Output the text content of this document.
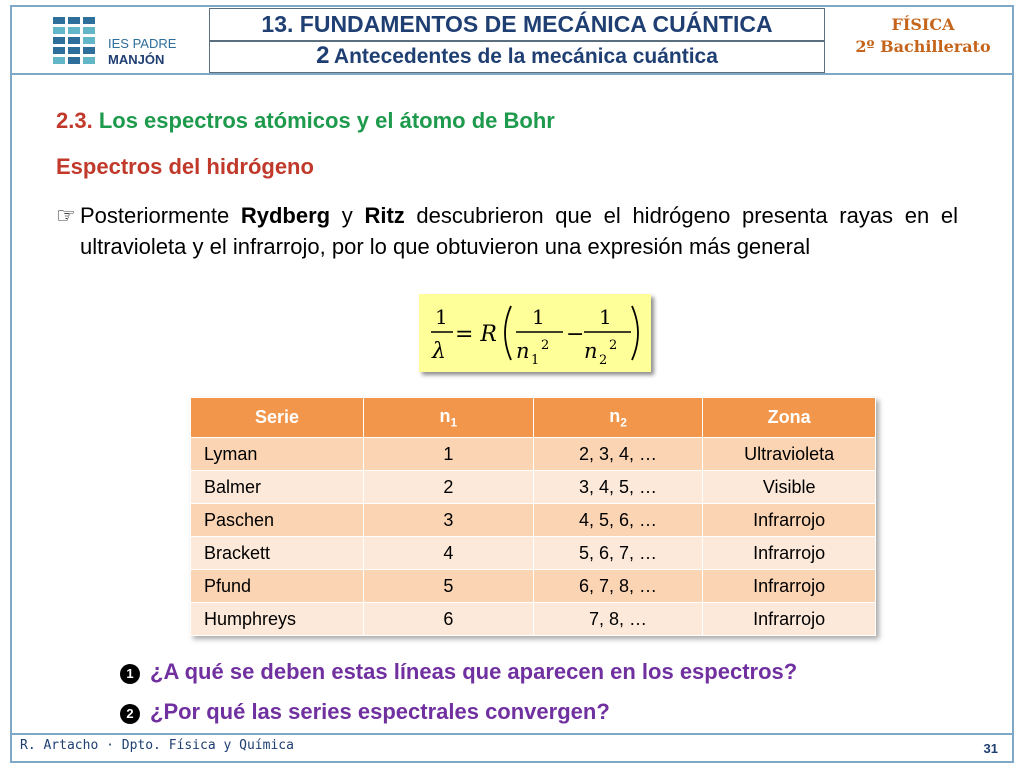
IES PADRE
MANJÓN
13. FUNDAMENTOS DE MECÁNICA CUÁNTICA
2 Antecedentes de la mecánica cuántica
FÍSICA
2º Bachillerato
2.3. Los espectros atómicos y el átomo de Bohr
Espectros del hidrógeno
☞ Posteriormente Rydberg y Ritz descubrieron que el hidrógeno presenta rayas en el ultravioleta y el infrarrojo, por lo que obtuvieron una expresión más general
1
λ
= R
1
n 1
2 −
1
n 2
2
Serie	$n_1$	$n_2$	Zona
Lyman	1	2, 3, 4, …	Ultravioleta
Balmer	2	3, 4, 5, …	Visible
Paschen	3	4, 5, 6, …	Infrarrojo
Brackett	4	5, 6, 7, …	Infrarrojo
Pfund	5	6, 7, 8, …	Infrarrojo
Humphreys	6	7, 8, …	Infrarrojo
1 ¿A qué se deben estas líneas que aparecen en los espectros?
2 ¿Por qué las series espectrales convergen?
R. Artacho · Dpto. Física y Química	31
